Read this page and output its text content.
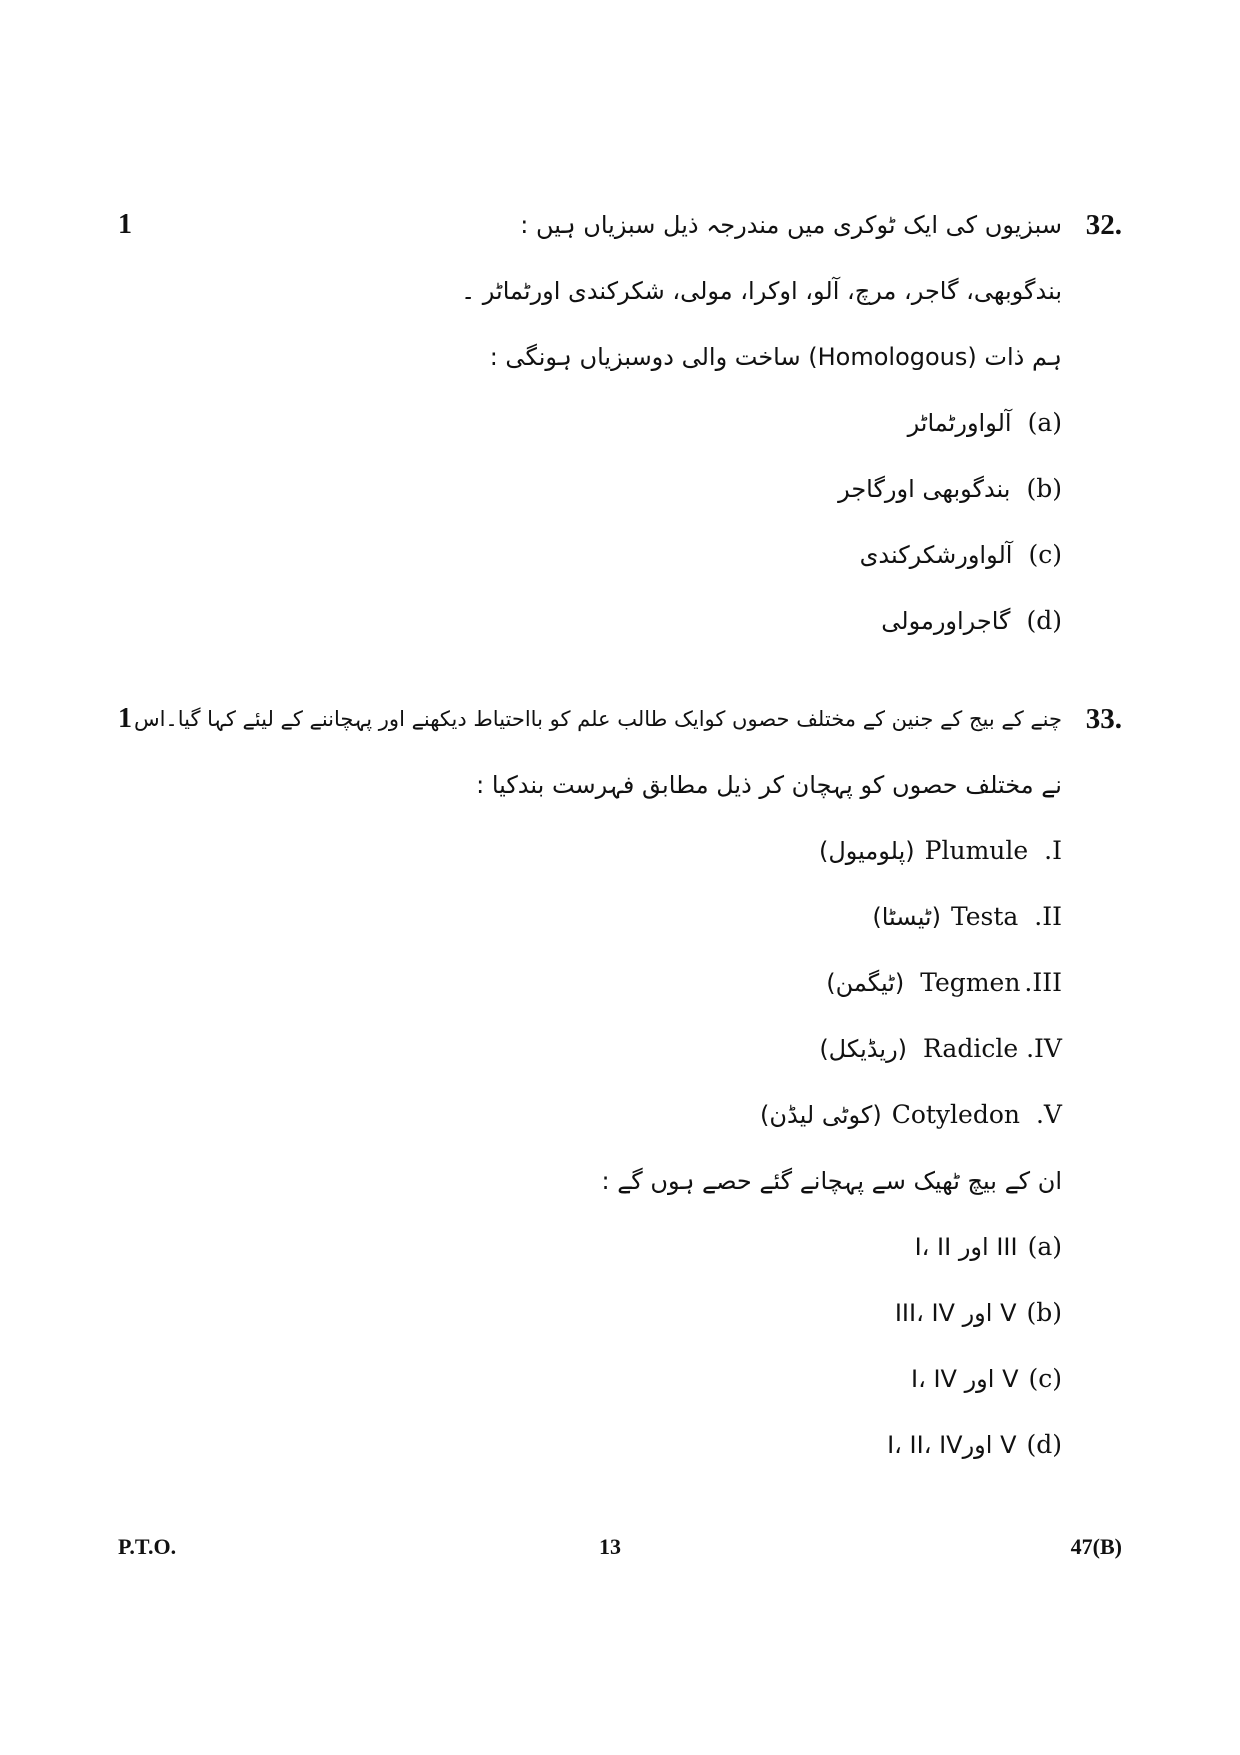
1	32.
سبزیوں کی ایک ٹوکری میں مندرجہ ذیل سبزیاں ہیں :
بندگوبھی، گاجر، مرچ، آلو، اوکرا، مولی، شکرکندی اورٹماٹر ۔
ہم ذات (Homologous) ساخت والی دوسبزیاں ہونگی :
(a)
آلواورٹماٹر
(b)
بندگوبھی اورگاجر
(c)
آلواورشکرکندی
(d)
گاجراورمولی
1	33.
چنے کے بیج کے جنین کے مختلف حصوں کوایک طالب علم کو بااحتیاط دیکھنے اور پہچاننے کے لیئے کہا گیا۔اس
نے مختلف حصوں کو پہچان کر ذیل مطابق فہرست بندکیا :
.I
Plumule
(پلومیول)
.II
Testa
(ٹیسٹا)
.III
Tegmen
(ٹیگمن)
.IV
Radicle
(ریڈیکل)
.V
Cotyledon
(کوٹی لیڈن)
ان کے بیچ ٹھیک سے پہچانے گئے حصے ہوں گے :
(a)
I، II اور III
(b)
III، IV اور V
(c)
I، IV اور V
(d)
I، II، IVاور V
P.T.O.	13	47(B)
